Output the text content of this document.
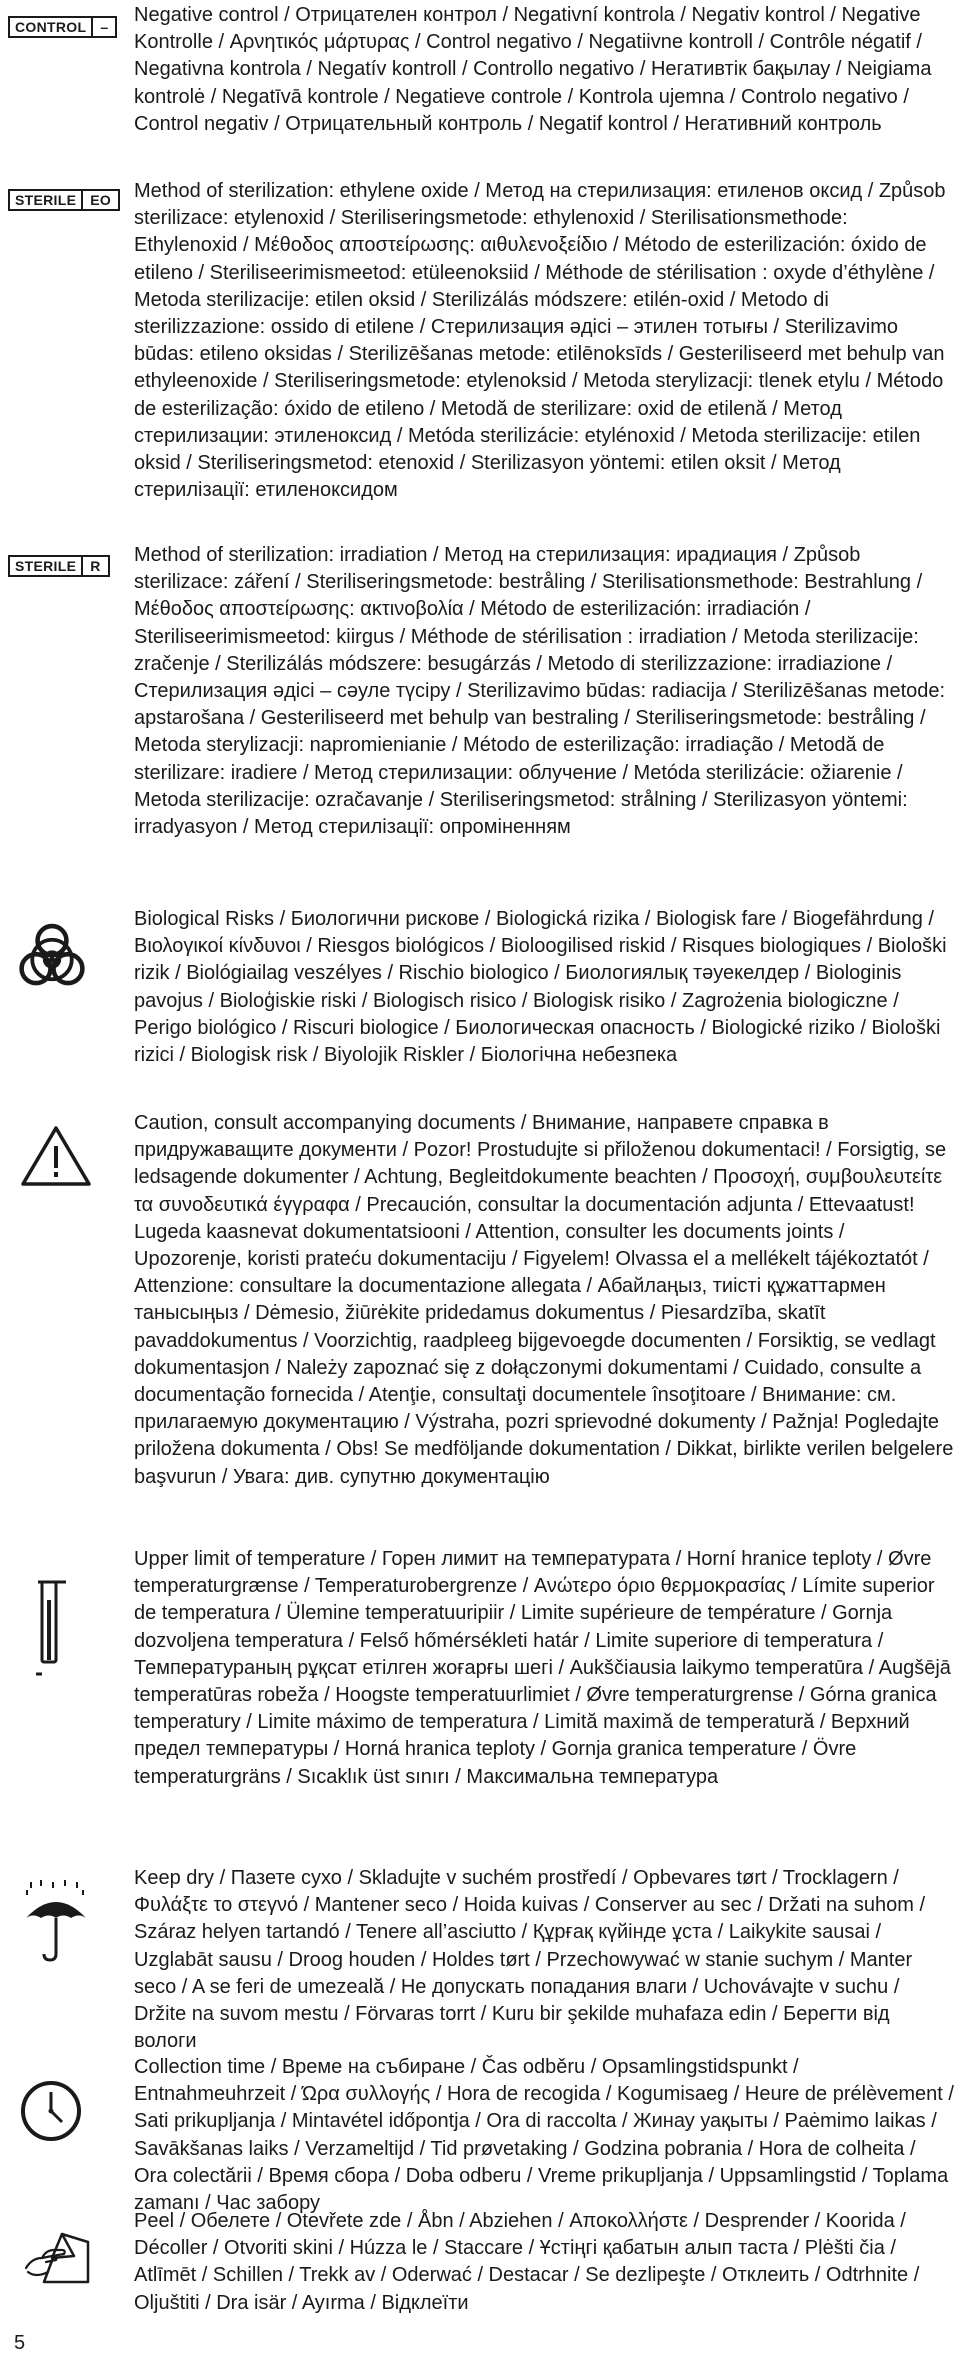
CONTROL	–

Negative control / Отрицателен контрол / Negativní kontrola / Negativ kontrol / Negative Kontrolle / Αρνητικός μάρτυρας / Control negativo / Negatiivne kontroll / Contrôle négatif / Negativna kontrola / Negatív kontroll / Controllo negativo / Негативтік бақылау / Neigiama kontrolė / Negatīvā kontrole / Negatieve controle / Kontrola ujemna / Controlo negativo / Control negativ / Отрицательный контроль / Negatif kontrol / Негативний контроль

STERILE	EO	Method of sterilization: ethylene oxide / Метод на стерилизация: етиленов оксид / Způsob sterilizace: etylenoxid / Steriliseringsmetode: ethylenoxid / Sterilisationsmethode: Ethylenoxid / Μέθοδος αποστείρωσης: αιθυλενοξείδιο / Método de esterilización: óxido de etileno / Steriliseerimismeetod: etüleenoksiid / Méthode de stérilisation : oxyde d’éthylène / Metoda sterilizacije: etilen oksid / Sterilizálás módszere: etilén-oxid / Metodo di sterilizzazione: ossido di etilene / Стерилизация әдісі – этилен тотығы / Sterilizavimo būdas: etileno oksidas / Sterilizēšanas metode: etilēnoksīds / Gesteriliseerd met behulp van ethyleenoxide / Steriliseringsmetode: etylenoksid / Metoda sterylizacji: tlenek etylu / Método de esterilização: óxido de etileno / Metodă de sterilizare: oxid de etilenă / Метод стерилизации: этиленоксид / Metóda sterilizácie: etylénoxid / Metoda sterilizacije: etilen oksid / Steriliseringsmetod: etenoxid / Sterilizasyon yöntemi: etilen oksit / Метод стерилізації: етиленоксидом

STERILE	R	Method of sterilization: irradiation / Метод на стерилизация: ирадиация / Způsob sterilizace: záření / Steriliseringsmetode: bestråling / Sterilisationsmethode: Bestrahlung / Μέθοδος αποστείρωσης: ακτινοβολία / Método de esterilización: irradiación / Steriliseerimismeetod: kiirgus / Méthode de stérilisation : irradiation / Metoda sterilizacije: zračenje / Sterilizálás módszere: besugárzás / Metodo di sterilizzazione: irradiazione / Стерилизация әдісі – сәуле түсіру / Sterilizavimo būdas: radiacija / Sterilizēšanas metode: apstarošana / Gesteriliseerd met behulp van bestraling / Steriliseringsmetode: bestråling / Metoda sterylizacji: napromienianie / Método de esterilização: irradiação / Metodă de sterilizare: iradiere / Метод стерилизации: облучение / Metóda sterilizácie: ožiarenie / Metoda sterilizacije: ozračavanje / Steriliseringsmetod: strålning / Sterilizasyon yöntemi: irradyasyon / Метод стерилізації: опроміненням

Biological Risks / Биологични рискове / Biologická rizika / Biologisk fare / Biogefährdung / Βιολογικοί κίνδυνοι / Riesgos biológicos / Bioloogilised riskid / Risques biologiques / Biološki rizik / Biológiailag veszélyes / Rischio biologico / Биологиялық тәуекелдер / Biologinis pavojus / Bioloģiskie riski / Biologisch risico / Biologisk risiko / Zagrożenia biologiczne / Perigo biológico / Riscuri biologice / Биологическая опасность / Biologické riziko / Biološki rizici / Biologisk risk / Biyolojik Riskler / Біологічна небезпека

Caution, consult accompanying documents / Внимание, направете справка в придружаващите документи / Pozor! Prostudujte si přiloženou dokumentaci! / Forsigtig, se ledsagende dokumenter / Achtung, Begleitdokumente beachten / Προσοχή, συμβουλευτείτε τα συνοδευτικά έγγραφα / Precaución, consultar la documentación adjunta / Ettevaatust! Lugeda kaasnevat dokumentatsiooni / Attention, consulter les documents joints / Upozorenje, koristi prateću dokumentaciju / Figyelem! Olvassa el a mellékelt tájékoztatót / Attenzione: consultare la documentazione allegata / Абайлаңыз, тиісті құжаттармен танысыңыз / Dėmesio, žiūrėkite pridedamus dokumentus / Piesardzība, skatīt pavaddokumentus / Voorzichtig, raadpleeg bijgevoegde documenten / Forsiktig, se vedlagt dokumentasjon / Należy zapoznać się z dołączonymi dokumentami / Cuidado, consulte a documentação fornecida / Atenţie, consultaţi documentele însoţitoare / Внимание: см. прилагаемую документацию / Výstraha, pozri sprievodné dokumenty / Pažnja! Pogledajte priložena dokumenta / Obs! Se medföljande dokumentation / Dikkat, birlikte verilen belgelere başvurun / Увага: див. супутню документацію

Upper limit of temperature / Горен лимит на температурата / Horní hranice teploty / Øvre temperaturgrænse / Temperaturobergrenze / Ανώτερο όριο θερμοκρασίας / Límite superior de temperatura / Ülemine temperatuuripiir / Limite supérieure de température / Gornja dozvoljena temperatura / Felső hőmérsékleti határ / Limite superiore di temperatura / Температураның рұқсат етілген жоғарғы шегі / Aukščiausia laikymo temperatūra / Augšējā temperatūras robeža / Hoogste temperatuurlimiet / Øvre temperaturgrense / Górna granica temperatury / Limite máximo de temperatura / Limită maximă de temperatură / Верхний предел температуры / Horná hranica teploty / Gornja granica temperature / Övre temperaturgräns / Sıcaklık üst sınırı / Максимальна температура

Keep dry / Пазете сухо / Skladujte v suchém prostředí / Opbevares tørt / Trocklagern / Φυλάξτε το στεγνό / Mantener seco / Hoida kuivas / Conserver au sec / Držati na suhom / Száraz helyen tartandó / Tenere all’asciutto / Құрғақ күйінде ұста / Laikykite sausai / Uzglabāt sausu / Droog houden / Holdes tørt / Przechowywać w stanie suchym / Manter seco / A se feri de umezeală / Не допускать попадания влаги / Uchovávajte v suchu / Držite na suvom mestu / Förvaras torrt / Kuru bir şekilde muhafaza edin / Берегти від вологи

Collection time / Време на събиране / Čas odběru / Opsamlingstidspunkt / Entnahmeuhrzeit / Ώρα συλλογής / Hora de recogida / Kogumisaeg / Heure de prélèvement / Sati prikupljanja / Mintavétel időpontja / Ora di raccolta / Жинау уақыты / Paėmimo laikas / Savākšanas laiks / Verzameltijd / Tid prøvetaking / Godzina pobrania / Hora de colheita / Ora colectării / Время сбора / Doba odberu / Vreme prikupljanja / Uppsamlingstid / Toplama zamanı / Час забору

Peel / Обелете / Otevřete zde / Åbn / Abziehen / Αποκολλήστε / Desprender / Koorida / Décoller / Otvoriti skini / Húzza le / Staccare / Ұстіңгі қабатын алып таста / Plėšti čia / Atlīmēt / Schillen / Trekk av / Oderwać / Destacar / Se dezlipeşte / Отклеить / Odtrhnite / Oljuštiti / Dra isär / Ayırma / Відклеїти

5
